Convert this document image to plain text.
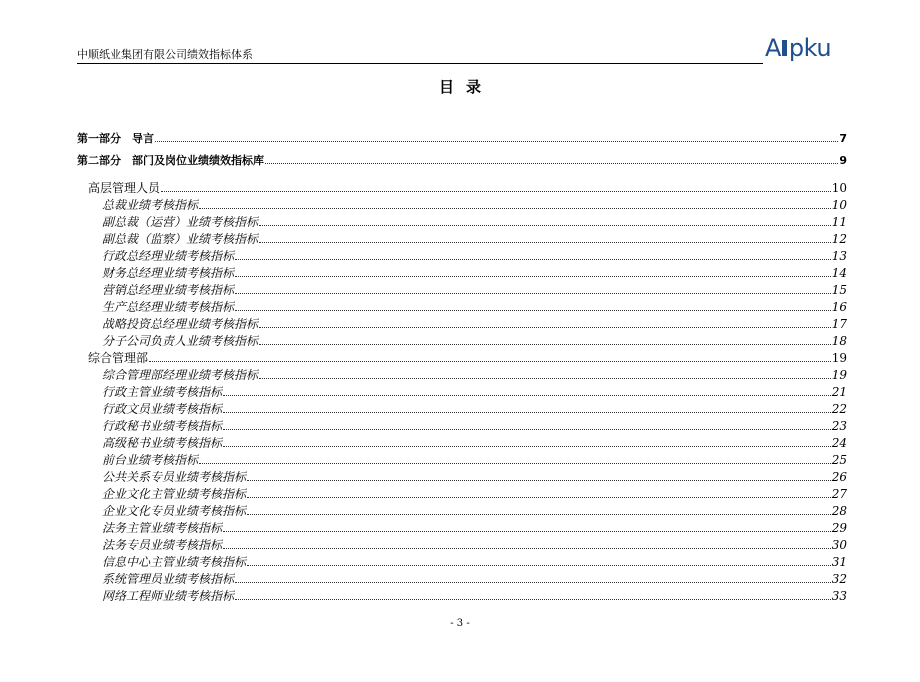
中顺纸业集团有限公司绩效指标体系	A pku
目录
第一部分　导言	7
第二部分　部门及岗位业绩绩效指标库	9
高层管理人员	10
总裁业绩考核指标	10
副总裁（运营）业绩考核指标	11
副总裁（监察）业绩考核指标	12
行政总经理业绩考核指标	13
财务总经理业绩考核指标	14
营销总经理业绩考核指标	15
生产总经理业绩考核指标	16
战略投资总经理业绩考核指标	17
分子公司负责人业绩考核指标	18
综合管理部	19
综合管理部经理业绩考核指标	19
行政主管业绩考核指标	21
行政文员业绩考核指标	22
行政秘书业绩考核指标	23
高级秘书业绩考核指标	24
前台业绩考核指标	25
公共关系专员业绩考核指标	26
企业文化主管业绩考核指标	27
企业文化专员业绩考核指标	28
法务主管业绩考核指标	29
法务专员业绩考核指标	30
信息中心主管业绩考核指标	31
系统管理员业绩考核指标	32
网络工程师业绩考核指标	33
- 3 -
